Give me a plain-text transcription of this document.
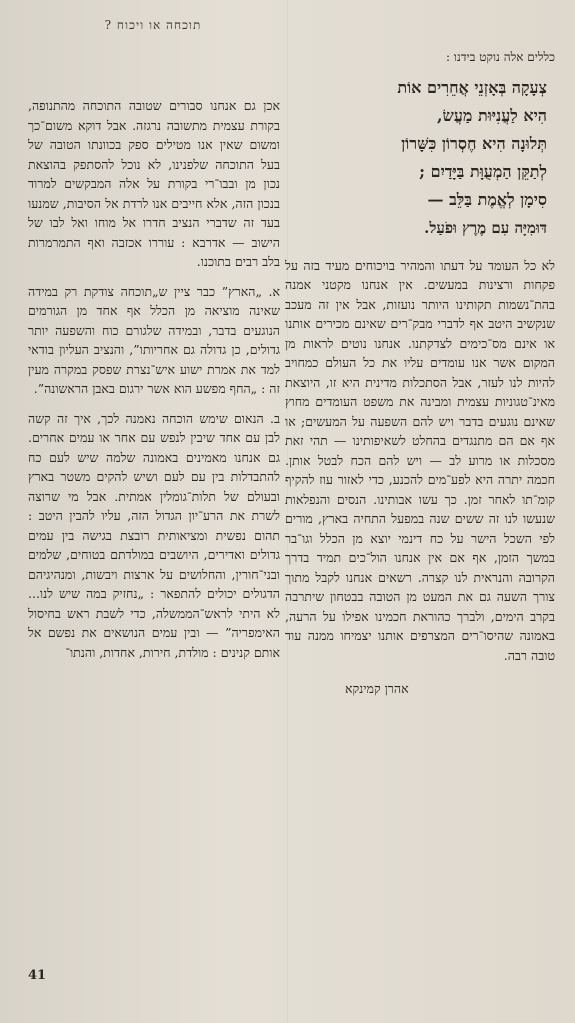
תוכחה או ויכוח ?
כללים אלה נוקט בידנו :
צְעָקָה בְּאָזְנֵי אֲחֵרִים אוֹת
הִיא לַעֲנִיּוּת מַעֲשׂ,
תְּלוּנָה הִיא חֶסְרוֹן כִּשָּׁרוֹן
לְתַקֵּן הַמְעֻוָּת בַּיָּדַיִם ;
סִימָן לְאֱמֶת בַּלֵּב —
דּוּמִיָּה עִם מֶרֶץ וּפֹעַל.

לא כל העומד על דעתו והמהיר בויכוחים מעיד בזה על פקחות ורצינות במעשים. אין אנחנו מקטני אמנה בהת־נשמות תקותינו היותר נועזות, אבל אין זה מעכב שנקשיב היטב אף לדברי מבק־רים שאינם מכירים אותנו או אינם מס־כימים לצדקתנו. אנחנו נוטים לראות מן המקום אשר אנו עומדים עליו את כל העולם כמחויב להיות לנו לעזר, אבל הסתכלות מדינית היא זו, היוצאת מאינ־טגוניות עצמית ומבינה את משפט העומדים מחוץ שאינם נוגעים בדבר ויש להם השפעה על המעשים; או אף אם הם מתנגדים בהחלט לשאיפותינו — תהי זאת מסכלות או מרוע לב — ויש להם הכח לבטל אותן. חכמה יתרה היא לפע־מים להכנע, כדי לאזור עוז להקיף קומ־תו לאחר זמן. כך עשו אבותינו. הנסים והנפלאות שנעשו לנו זה ששים שנה במפעל התחיה בארץ, מורים לפי השכל הישר על כח דינמי יוצא מן הכלל וגו־בר במשך הזמן, אף אם אין אנחנו הול־כים תמיד בדרך הקרובה והנראית לנו קצרה. רשאים אנחנו לקבל מתוך צורך השעה גם את המעט מן הטובה בבטחון שיתרבה בקרב הימים, ולברך כהוראת חכמינו אפילו על הרעה, באמונה שהיסו־רים המצרפים אותנו יצמיחו ממנה עוד טובה רבה.

אהרן קמינקא

אכן גם אנחנו סבורים שטובה התוכחה מהתנופה, בקורת עצמית מתשובה נרגזה. אבל דוקא משום־כך ומשום שאין אנו מטילים ספק בכוונתו הטובה של בעל התוכחה שלפנינו, לא נוכל להסתפק בהוצאת נכון מן ובבו־רי בקורת על אלה המבקשים למרוד בנכון הזה, אלא חייבים אנו לרדת אל הסיבות, שמנעו בעד זה שדברי הנציב חדרו אל מוחו ואל לבו של הישוב — אדרבא : עוררו אכזבה ואף התמרמרות בלב רבים בתוכנו.

א. „הארץ” כבר ציין ש„תוכחה צודקת רק במידה שאינה מוציאה מן הכלל אף אחד מן הגורמים הנוגעים בדבר, ובמידה שלגורם כוח והשפעה יותר גדולים, כן גדולה גם אחריותו”, והנציב העליון בודאי למד את אמרת ישוע איש־נצרת שפסק במקרה מעין זה : „החף מפשע הוא אשר ירגום באבן הראשונה”.

ב. הנאום שימש הוכחה נאמנה לכך, איך זה קשה לבן עם אחד שיבין לנפש עם אחר או עמים אחרים. גם אנחנו מאמינים באמונה שלמה שיש לעם כח להתבדלות בין עם לעם ושיש להקים משטר בארץ ובעולם של תלות־גומלין אמתית. אבל מי שרוצה לשרת את הרע־יון הגדול הזה, עליו להבין היטב : תהום נפשית ומציאותית רובצת בגישה בין עמים גדולים ואדירים, היושבים במולדתם בטוחים, שלמים ובני־חורין, והחלושים על ארצות ויבשות, ומנהיגיהם הדגולים יכולים להתפאר : „נחזיק במה שיש לנו... לא היתי לראש־הממשלה, כדי לשבת ראש בחיסול האימפריה” — ובין עמים הנושאים את נפשם אל אותם קנינים : מולדת, חירות, אחדות, והנתו־

41
